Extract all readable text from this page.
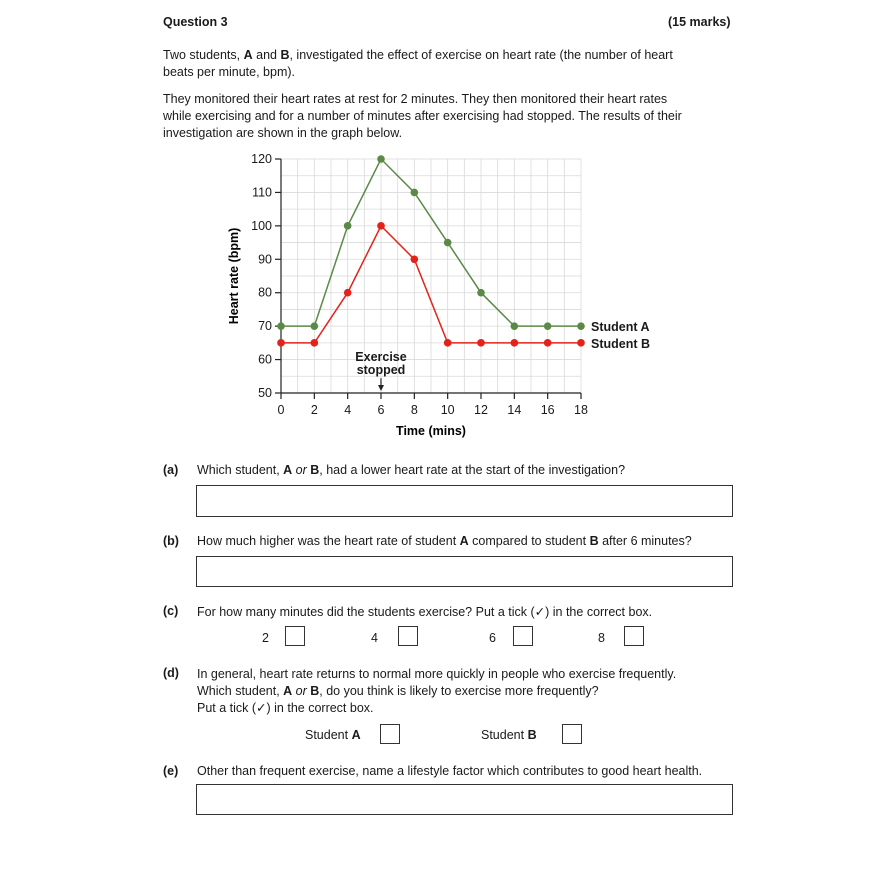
Question 3	(15 marks)

Two students, A and B, investigated the effect of exercise on heart rate (the number of heart

beats per minute, bpm).

They monitored their heart rates at rest for 2 minutes. They then monitored their heart rates

while exercising and for a number of minutes after exercising had stopped. The results of their

investigation are shown in the graph below.

50
60
70
80
90
100
110
120
0 2 4 6 8 10 12 14 16 18
Student A
Student B
Exercise
stopped
Time (mins)
Heart rate (bpm)
(a) Which student, A or B, had a lower heart rate at the start of the investigation?
(b) How much higher was the heart rate of student A compared to student B after 6 minutes?
(c) For how many minutes did the students exercise? Put a tick (✓) in the correct box.
2	4	6	8
(d) In general, heart rate returns to normal more quickly in people who exercise frequently.

Which student, A or B, do you think is likely to exercise more frequently?

Put a tick (✓) in the correct box.

Student A	Student B
(e) Other than frequent exercise, name a lifestyle factor which contributes to good heart health.
